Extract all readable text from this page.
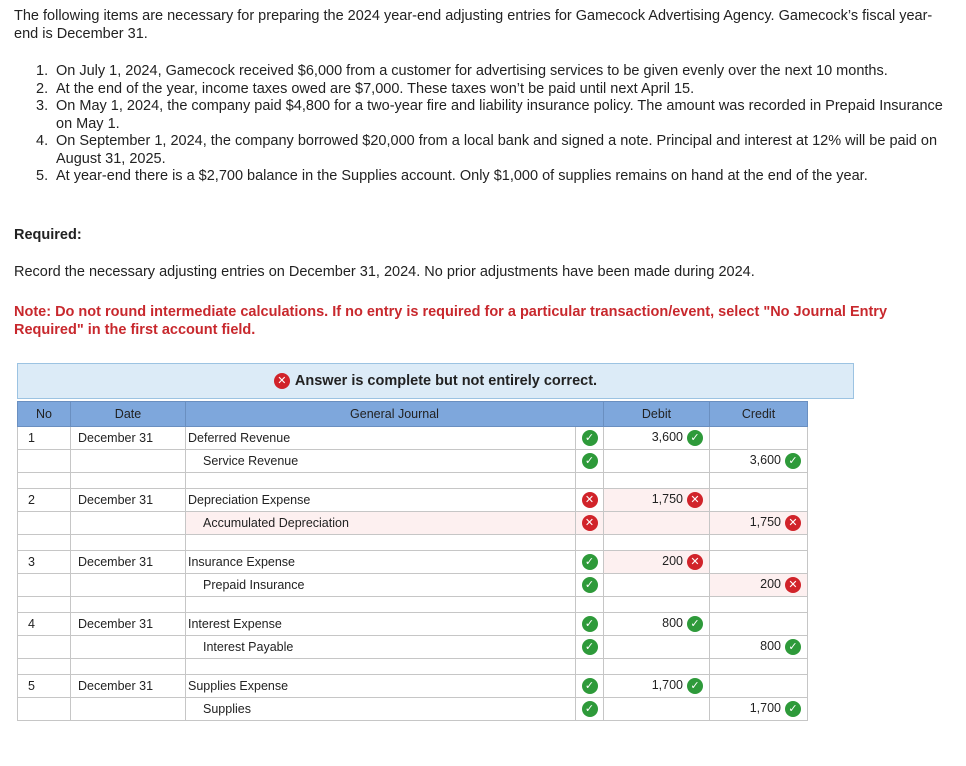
The following items are necessary for preparing the 2024 year-end adjusting entries for Gamecock Advertising Agency. Gamecock’s fiscal year-end is December 31.
1. On July 1, 2024, Gamecock received $6,000 from a customer for advertising services to be given evenly over the next 10 months.
2. At the end of the year, income taxes owed are $7,000. These taxes won’t be paid until next April 15.
3. On May 1, 2024, the company paid $4,800 for a two-year fire and liability insurance policy. The amount was recorded in Prepaid Insurance on May 1.
4. On September 1, 2024, the company borrowed $20,000 from a local bank and signed a note. Principal and interest at 12% will be paid on August 31, 2025.
5. At year-end there is a $2,700 balance in the Supplies account. Only $1,000 of supplies remains on hand at the end of the year.
Required:
Record the necessary adjusting entries on December 31, 2024. No prior adjustments have been made during 2024.
Note: Do not round intermediate calculations. If no entry is required for a particular transaction/event, select "No Journal Entry Required" in the first account field.
✕ Answer is complete but not entirely correct.
No	Date	General Journal		Debit	Credit
1	December 31	Deferred Revenue	✓	3,600 ✓	
		Service Revenue	✓		3,600 ✓

2	December 31	Depreciation Expense	✕	1,750 ✕	
		Accumulated Depreciation	✕		1,750 ✕

3	December 31	Insurance Expense	✓	200 ✕	
		Prepaid Insurance	✓		200 ✕

4	December 31	Interest Expense	✓	800 ✓	
		Interest Payable	✓		800 ✓

5	December 31	Supplies Expense	✓	1,700 ✓	
		Supplies	✓		1,700 ✓
